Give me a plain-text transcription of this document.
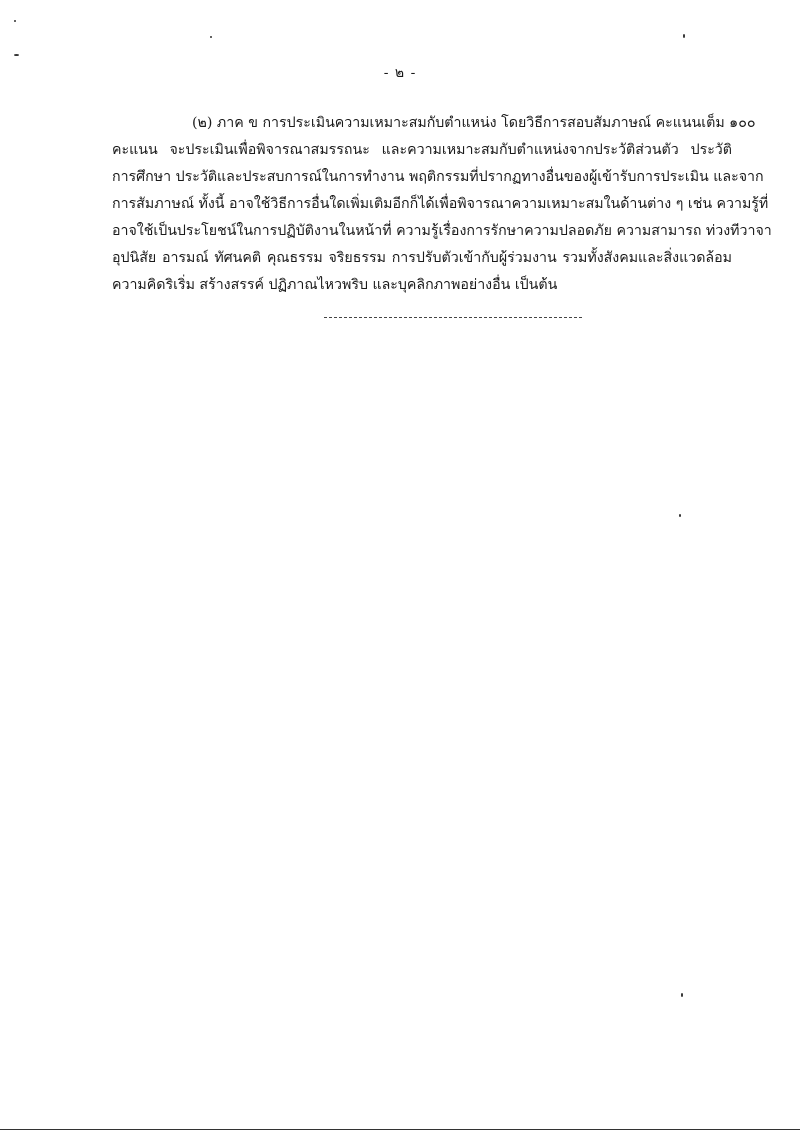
- ๒ -
(๒) ภาค ข การประเมินความเหมาะสมกับตำแหน่ง โดยวิธีการสอบสัมภาษณ์ คะแนนเต็ม ๑๐๐
คะแนน จะประเมินเพื่อพิจารณาสมรรถนะ และความเหมาะสมกับตำแหน่งจากประวัติส่วนตัว ประวัติ
การศึกษา ประวัติและประสบการณ์ในการทำงาน พฤติกรรมที่ปรากฏทางอื่นของผู้เข้ารับการประเมิน และจาก
การสัมภาษณ์ ทั้งนี้ อาจใช้วิธีการอื่นใดเพิ่มเติมอีกก็ได้เพื่อพิจารณาความเหมาะสมในด้านต่าง ๆ เช่น ความรู้ที่
อาจใช้เป็นประโยชน์ในการปฏิบัติงานในหน้าที่ ความรู้เรื่องการรักษาความปลอดภัย ความสามารถ ท่วงทีวาจา
อุปนิสัย อารมณ์ ทัศนคติ คุณธรรม จริยธรรม การปรับตัวเข้ากับผู้ร่วมงาน รวมทั้งสังคมและสิ่งแวดล้อม
ความคิดริเริ่ม สร้างสรรค์ ปฏิภาณไหวพริบ และบุคลิกภาพอย่างอื่น เป็นต้น
